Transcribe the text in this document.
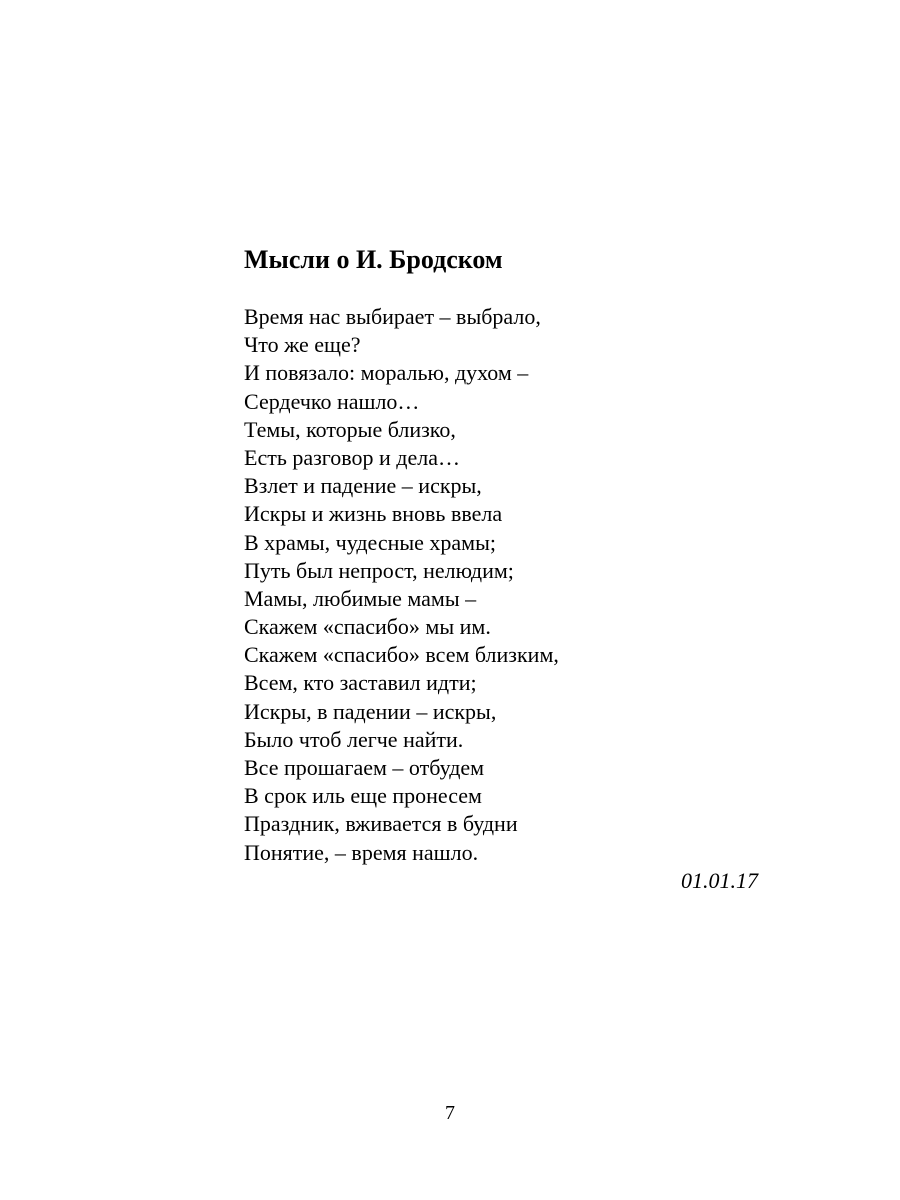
Мысли о И. Бродском
Время нас выбирает – выбрало,
Что же еще?
И повязало: моралью, духом –
Сердечко нашло…
Темы, которые близко,
Есть разговор и дела…
Взлет и падение – искры,
Искры и жизнь вновь ввела
В храмы, чудесные храмы;
Путь был непрост, нелюдим;
Мамы, любимые мамы –
Скажем «спасибо» мы им.
Скажем «спасибо» всем близким,
Всем, кто заставил идти;
Искры, в падении – искры,
Было чтоб легче найти.
Все прошагаем – отбудем
В срок иль еще пронесем
Праздник, вживается в будни
Понятие, – время нашло.
01.01.17
7
